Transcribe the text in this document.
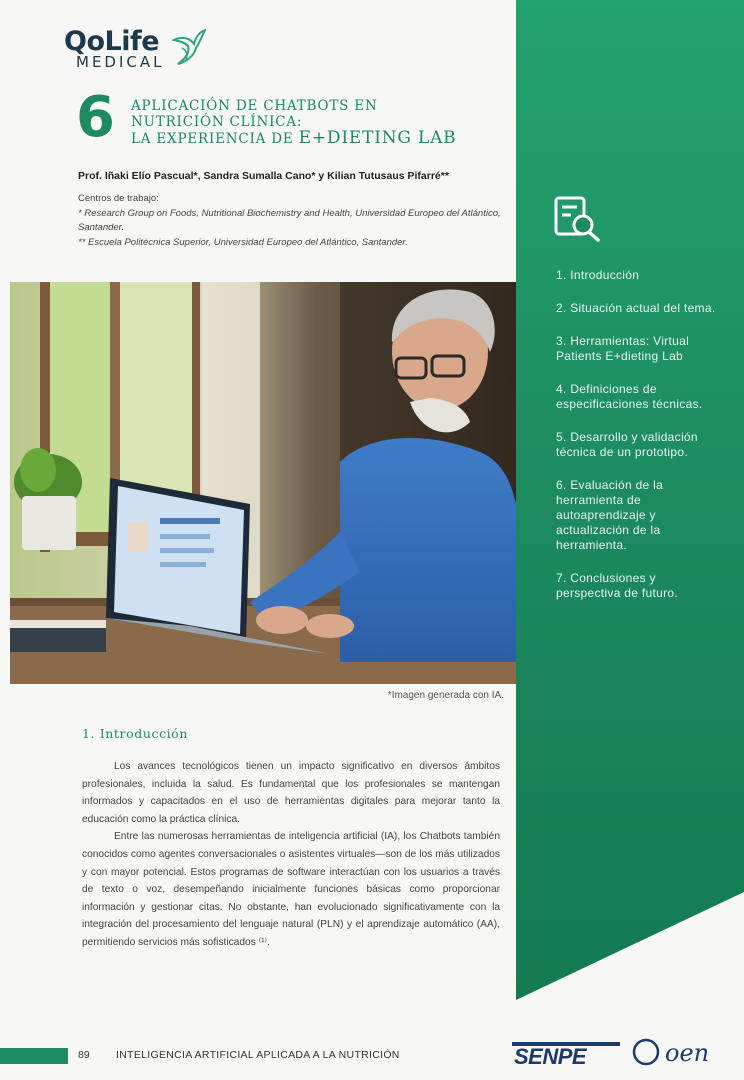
QoLife
MEDICAL
6 APLICACIÓN DE CHATBOTS EN
NUTRICIÓN CLÍNICA:
LA EXPERIENCIA DE E+DIETING LAB
Prof. Iñaki Elío Pascual*, Sandra Sumalla Cano* y Kilian Tutusaus Pifarré**
Centros de trabajo:
* Research Group on Foods, Nutritional Biochemistry and Health, Universidad Europeo del Atlántico, Santander.
** Escuela Politécnica Superior, Universidad Europeo del Atlántico, Santander.
*Imagen generada con IA.
1. Introducción
2. Situación actual del tema.
3. Herramientas: Virtual Patients E+dieting Lab
4. Definiciones de especificaciones técnicas.
5. Desarrollo y validación técnica de un prototipo.
6. Evaluación de la herramienta de autoaprendizaje y actualización de la herramienta.
7. Conclusiones y perspectiva de futuro.
1. Introducción

Los avances tecnológicos tienen un impacto significativo en diversos ámbitos profesionales, incluida la salud. Es fundamental que los profesionales se mantengan informados y capacitados en el uso de herramientas digitales para mejorar tanto la educación como la práctica clínica.

Entre las numerosas herramientas de inteligencia artificial (IA), los Chatbots también conocidos como agentes conversacionales o asistentes virtuales—son de los más utilizados y con mayor potencial. Estos programas de software interactúan con los usuarios a través de texto o voz, desempeñando inicialmente funciones básicas como proporcionar información y gestionar citas. No obstante, han evolucionado significativamente con la integración del procesamiento del lenguaje natural (PLN) y el aprendizaje automático (AA), permitiendo servicios más sofisticados ⁽¹⁾.

89	INTELIGENCIA ARTIFICIAL APLICADA A LA NUTRICIÓN	SENPE	oen
